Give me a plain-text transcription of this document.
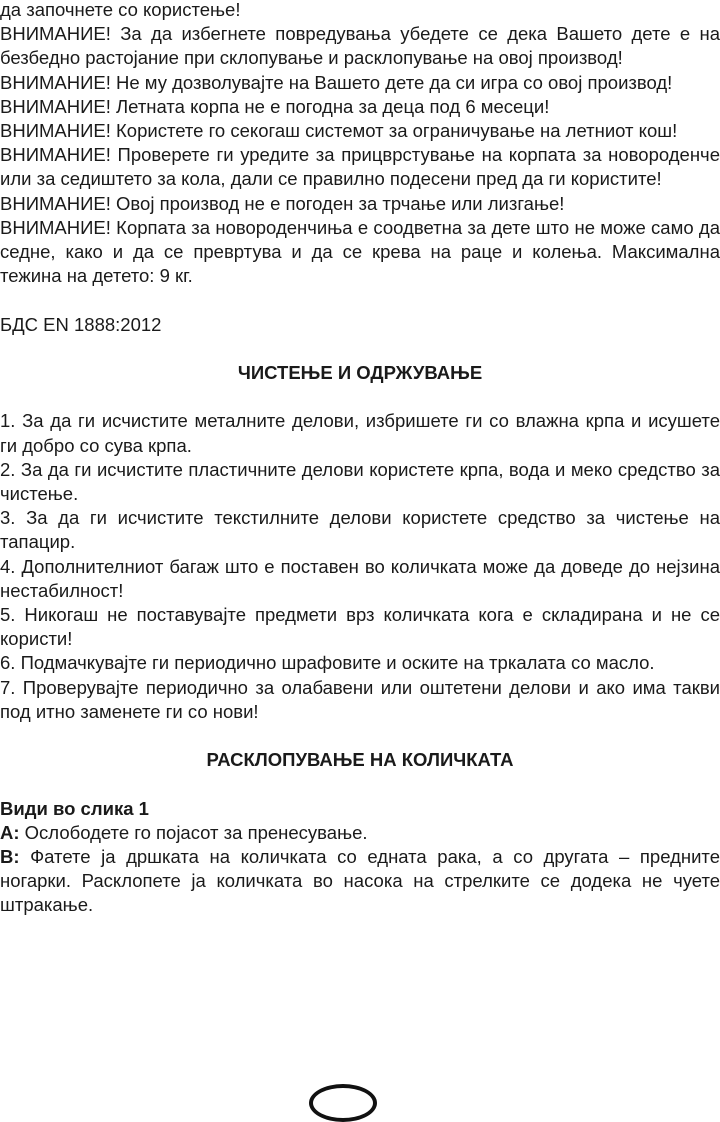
да започнете со користење!

ВНИМАНИЕ! За да избегнете повредувања убедете се дека Вашето дете е на безбедно растојание при склопување и расклопување на овој производ!

ВНИМАНИЕ! Не му дозволувајте на Вашето дете да си игра со овој производ!

ВНИМАНИЕ! Летната корпа не е погодна за деца под 6 месеци!

ВНИМАНИЕ! Користете го секогаш системот за ограничување на летниот кош!

ВНИМАНИЕ! Проверете ги уредите за прицврстување на корпата за новороденче или за седиштето за кола, дали се правилно подесени пред да ги користите!

ВНИМАНИЕ! Овој производ не е погоден за трчање или лизгање!

ВНИМАНИЕ! Корпата за новороденчиња е соодветна за дете што не може само да седне, како и да се превртува и да се крева на раце и колења. Максимална тежина на детето: 9 кг.

БДС EN 1888:2012

ЧИСТЕЊЕ И ОДРЖУВАЊЕ

1. За да ги исчистите металните делови, избришете ги со влажна крпа и исушете ги добро со сува крпа.

2. За да ги исчистите пластичните делови користете крпа, вода и меко средство за чистење.

3. За да ги исчистите текстилните делови користете средство за чистење на тапацир.

4. Дополнителниот багаж што е поставен во количката може да доведе до нејзина нестабилност!

5. Никогаш не поставувајте предмети врз количката кога е складирана и не се користи!

6. Подмачкувајте ги периодично шрафовите и оските на тркалата со масло.

7. Проверувајте периодично за олабавени или оштетени делови и ако има такви под итно заменете ги со нови!

РАСКЛОПУВАЊЕ НА КОЛИЧКАТА

Види во слика 1

А: Ослободете го појасот за пренесување.

В: Фатете ја дршката на количката со едната рака, а со другата – предните ногарки. Расклопете ја количката во насока на стрелките се додека не чуете штракање.
